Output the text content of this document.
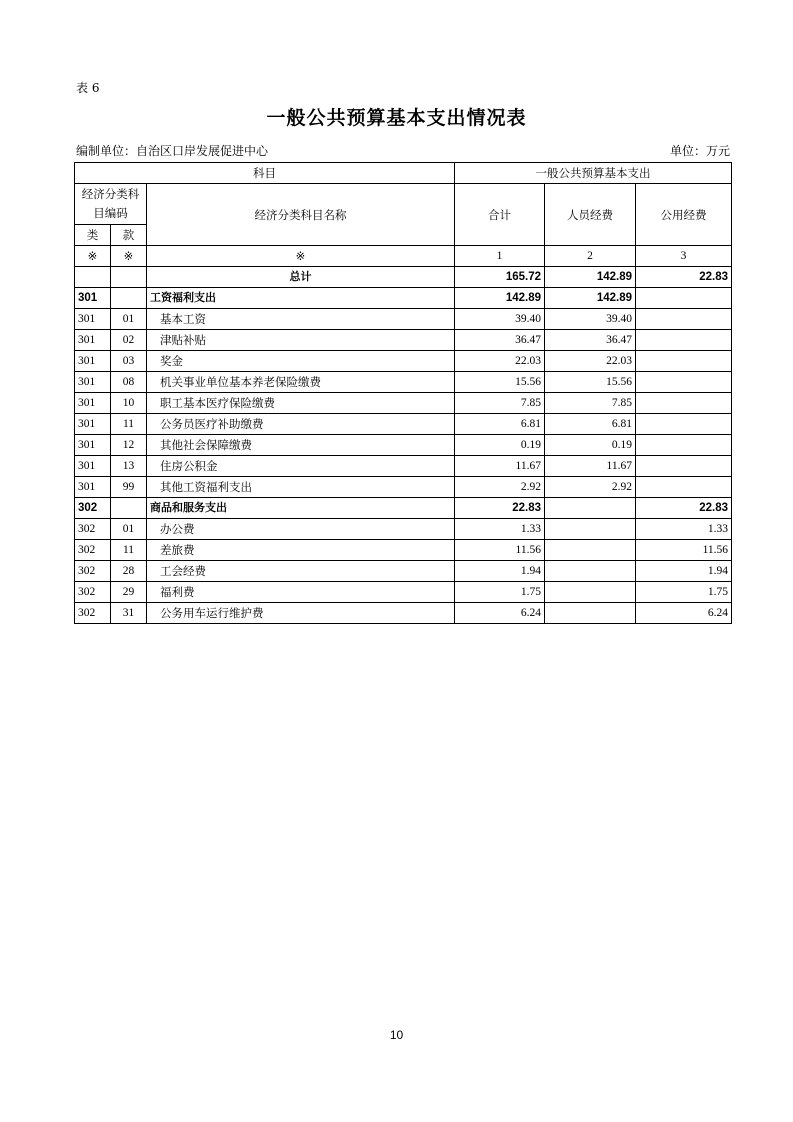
表 6
一般公共预算基本支出情况表
编制单位：自治区口岸发展促进中心	单位：万元
科目			一般公共预算基本支出		
经济分类科目编码		经济分类科目名称	合计	人员经费	公用经费
类	款				
※	※	※	1	2	3
		总计	165.72	142.89	22.83
301		工资福利支出	142.89	142.89	
301	01	基本工资	39.40	39.40	
301	02	津贴补贴	36.47	36.47	
301	03	奖金	22.03	22.03	
301	08	机关事业单位基本养老保险缴费	15.56	15.56	
301	10	职工基本医疗保险缴费	7.85	7.85	
301	11	公务员医疗补助缴费	6.81	6.81	
301	12	其他社会保障缴费	0.19	0.19	
301	13	住房公积金	11.67	11.67	
301	99	其他工资福利支出	2.92	2.92	
302		商品和服务支出	22.83		22.83
302	01	办公费	1.33		1.33
302	11	差旅费	11.56		11.56
302	28	工会经费	1.94		1.94
302	29	福利费	1.75		1.75
302	31	公务用车运行维护费	6.24		6.24
10
